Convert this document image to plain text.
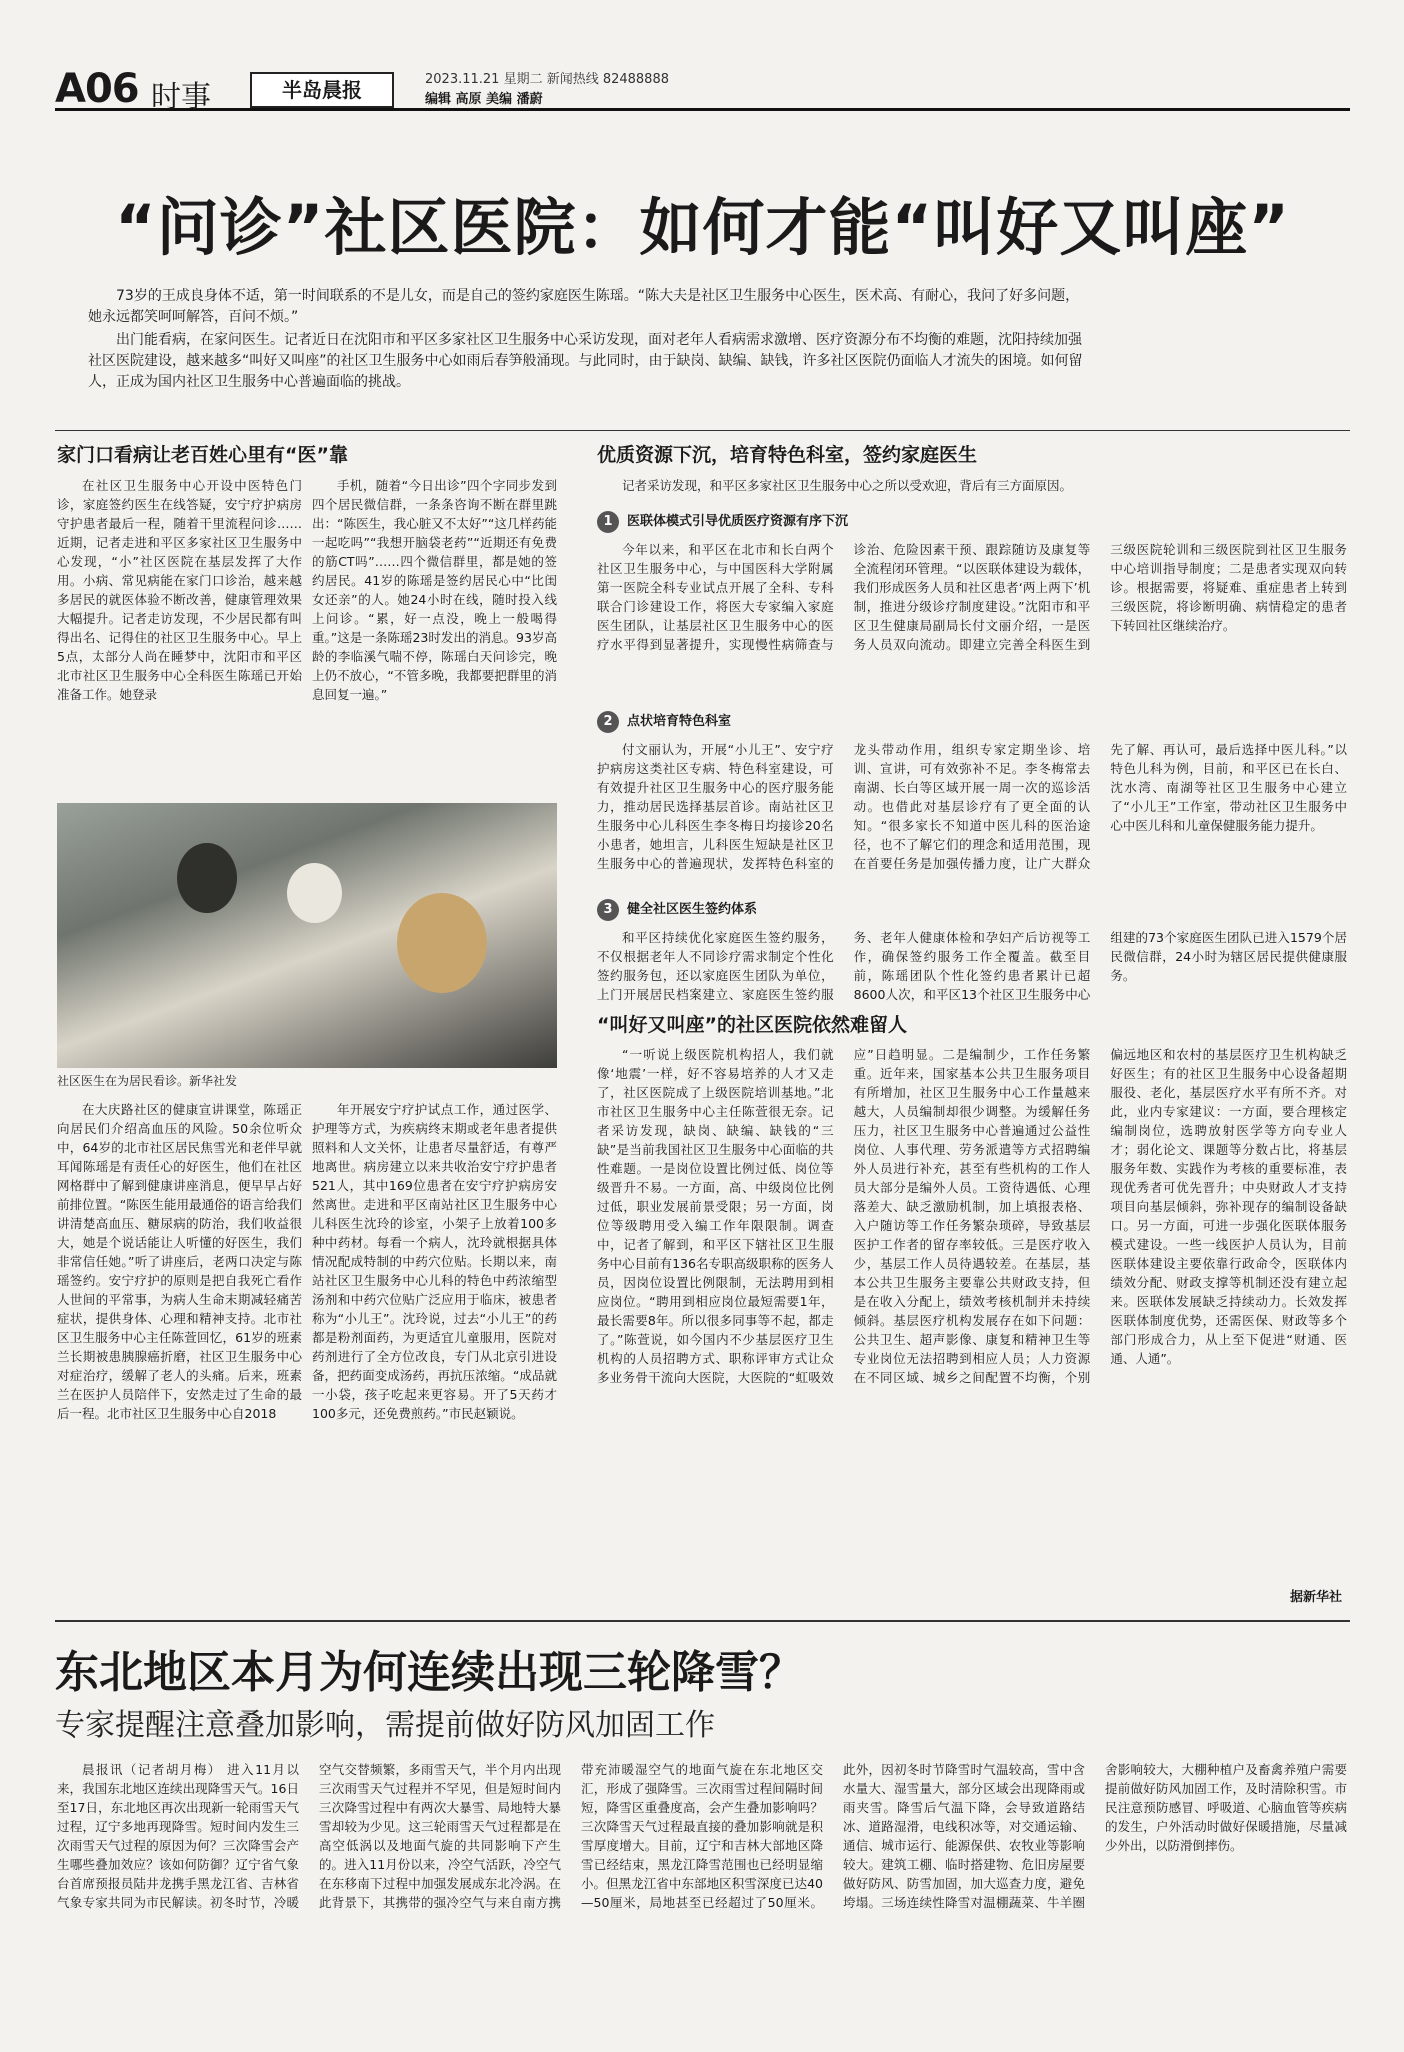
A06 时事	半岛晨报	2023.11.21 星期二 新闻热线 82488888
编辑 高原 美编 潘蔚
“问诊”社区医院：如何才能“叫好又叫座”

73岁的王成良身体不适，第一时间联系的不是儿女，而是自己的签约家庭医生陈瑶。“陈大夫是社区卫生服务中心医生，医术高、有耐心，我问了好多问题，她永远都笑呵呵解答，百问不烦。”

出门能看病，在家问医生。记者近日在沈阳市和平区多家社区卫生服务中心采访发现，面对老年人看病需求激增、医疗资源分布不均衡的难题，沈阳持续加强社区医院建设，越来越多“叫好又叫座”的社区卫生服务中心如雨后春笋般涌现。与此同时，由于缺岗、缺编、缺钱，许多社区医院仍面临人才流失的困境。如何留人，正成为国内社区卫生服务中心普遍面临的挑战。

家门口看病让老百姓心里有“医”靠

在社区卫生服务中心开设中医特色门诊，家庭签约医生在线答疑，安宁疗护病房守护患者最后一程，随着干里流程问诊……近期，记者走进和平区多家社区卫生服务中心发现，“小”社区医院在基层发挥了大作用。小病、常见病能在家门口诊治，越来越多居民的就医体验不断改善，健康管理效果大幅提升。记者走访发现，不少居民都有叫得出名、记得住的社区卫生服务中心。早上5点，太部分人尚在睡梦中，沈阳市和平区北市社区卫生服务中心全科医生陈瑶已开始准备工作。她登录

手机，随着“今日出诊”四个字同步发到四个居民微信群，一条条咨询不断在群里跳出：“陈医生，我心脏又不太好”“这几样药能一起吃吗”“我想开脑袋老药”“近期还有免费的筋CT吗”……四个微信群里，都是她的签约居民。41岁的陈瑶是签约居民心中“比闺女还亲”的人。她24小时在线，随时投入线上问诊。“累，好一点没，晚上一般喝得重。”这是一条陈瑶23时发出的消息。93岁高龄的李临溪气喘不停，陈瑶白天问诊完，晚上仍不放心，“不管多晚，我都要把群里的消息回复一遍。”

社区医生在为居民看诊。新华社发

在大庆路社区的健康宣讲课堂，陈瑶正向居民们介绍高血压的风险。50余位听众中，64岁的北市社区居民焦雪光和老伴早就耳闻陈瑶是有责任心的好医生，他们在社区网格群中了解到健康讲座消息，便早早占好前排位置。“陈医生能用最通俗的语言给我们讲清楚高血压、糖尿病的防治，我们收益很大，她是个说话能让人听懂的好医生，我们非常信任她。”听了讲座后，老两口决定与陈瑶签约。安宁疗护的原则是把自我死亡看作人世间的平常事，为病人生命末期减轻痛苦症状，提供身体、心理和精神支持。北市社区卫生服务中心主任陈萱回忆，61岁的班素兰长期被患胰腺癌折磨，社区卫生服务中心对症治疗，缓解了老人的头痛。后来，班素兰在医护人员陪伴下，安然走过了生命的最后一程。北市社区卫生服务中心自2018

年开展安宁疗护试点工作，通过医学、护理等方式，为疾病终末期或老年患者提供照料和人文关怀，让患者尽量舒适，有尊严地离世。病房建立以来共收治安宁疗护患者521人，其中169位患者在安宁疗护病房安然离世。走进和平区南站社区卫生服务中心儿科医生沈玲的诊室，小架子上放着100多种中药材。每看一个病人，沈玲就根据具体情况配成特制的中药穴位贴。长期以来，南站社区卫生服务中心儿科的特色中药浓缩型汤剂和中药穴位贴广泛应用于临床，被患者称为“小儿王”。沈玲说，过去“小儿王”的药都是粉剂面药，为更适宜儿童服用，医院对药剂进行了全方位改良，专门从北京引进设备，把药面变成汤药，再抗压浓缩。“成品就一小袋，孩子吃起来更容易。开了5天药才100多元，还免费煎药。”市民赵颖说。

优质资源下沉，培育特色科室，签约家庭医生

记者采访发现，和平区多家社区卫生服务中心之所以受欢迎，背后有三方面原因。

1 医联体模式引导优质医疗资源有序下沉

今年以来，和平区在北市和长白两个社区卫生服务中心，与中国医科大学附属第一医院全科专业试点开展了全科、专科联合门诊建设工作，将医大专家编入家庭医生团队，让基层社区卫生服务中心的医疗水平得到显著提升，实现慢性病筛查与诊治、危险因素干预、跟踪随访及康复等全流程闭环管理。“以医联体建设为载体，我们形成医务人员和社区患者‘两上两下’机制，推进分级诊疗制度建设。”沈阳市和平区卫生健康局副局长付文丽介绍，一是医务人员双向流动。即建立完善全科医生到三级医院轮训和三级医院到社区卫生服务中心培训指导制度；二是患者实现双向转诊。根据需要，将疑难、重症患者上转到三级医院，将诊断明确、病情稳定的患者下转回社区继续治疗。

2 点状培育特色科室

付文丽认为，开展“小儿王”、安宁疗护病房这类社区专病、特色科室建设，可有效提升社区卫生服务中心的医疗服务能力，推动居民选择基层首诊。南站社区卫生服务中心儿科医生李冬梅日均接诊20名小患者，她坦言，儿科医生短缺是社区卫生服务中心的普遍现状，发挥特色科室的龙头带动作用，组织专家定期坐诊、培训、宣讲，可有效弥补不足。李冬梅常去南湖、长白等区域开展一周一次的巡诊活动。也借此对基层诊疗有了更全面的认知。“很多家长不知道中医儿科的医治途径，也不了解它们的理念和适用范围，现在首要任务是加强传播力度，让广大群众先了解、再认可，最后选择中医儿科。”以特色儿科为例，目前，和平区已在长白、沈水湾、南湖等社区卫生服务中心建立了“小儿王”工作室，带动社区卫生服务中心中医儿科和儿童保健服务能力提升。

3 健全社区医生签约体系

和平区持续优化家庭医生签约服务，不仅根据老年人不同诊疗需求制定个性化签约服务包，还以家庭医生团队为单位，上门开展居民档案建立、家庭医生签约服务、老年人健康体检和孕妇产后访视等工作，确保签约服务工作全覆盖。截至目前，陈瑶团队个性化签约患者累计已超8600人次，和平区13个社区卫生服务中心组建的73个家庭医生团队已进入1579个居民微信群，24小时为辖区居民提供健康服务。

“叫好又叫座”的社区医院依然难留人

“一听说上级医院机构招人，我们就像‘地震’一样，好不容易培养的人才又走了，社区医院成了上级医院培训基地。”北市社区卫生服务中心主任陈萱很无奈。记者采访发现，缺岗、缺编、缺钱的“三缺”是当前我国社区卫生服务中心面临的共性难题。一是岗位设置比例过低、岗位等级晋升不易。一方面，高、中级岗位比例过低，职业发展前景受限；另一方面，岗位等级聘用受入编工作年限限制。调查中，记者了解到，和平区下辖社区卫生服务中心目前有136名专职高级职称的医务人员，因岗位设置比例限制，无法聘用到相应岗位。“聘用到相应岗位最短需要1年，最长需要8年。所以很多同事等不起，都走了。”陈萱说，如今国内不少基层医疗卫生机构的人员招聘方式、职称评审方式让众多业务骨干流向大医院，大医院的“虹吸效应”日趋明显。二是编制少，工作任务繁重。近年来，国家基本公共卫生服务项目有所增加，社区卫生服务中心工作量越来越大，人员编制却很少调整。为缓解任务压力，社区卫生服务中心普遍通过公益性岗位、人事代理、劳务派遣等方式招聘编外人员进行补充，甚至有些机构的工作人员大部分是编外人员。工资待遇低、心理落差大、缺乏激励机制，加上填报表格、入户随访等工作任务繁杂琐碎，导致基层医护工作者的留存率较低。三是医疗收入少，基层工作人员待遇较差。在基层，基本公共卫生服务主要靠公共财政支持，但是在收入分配上，绩效考核机制并未持续倾斜。基层医疗机构发展存在如下问题：公共卫生、超声影像、康复和精神卫生等专业岗位无法招聘到相应人员；人力资源在不同区域、城乡之间配置不均衡，个别偏远地区和农村的基层医疗卫生机构缺乏好医生；有的社区卫生服务中心设备超期服役、老化，基层医疗水平有所不齐。对此，业内专家建议：一方面，要合理核定编制岗位，选聘放射医学等方向专业人才；弱化论文、课题等分数占比，将基层服务年数、实践作为考核的重要标准，表现优秀者可优先晋升；中央财政人才支持项目向基层倾斜，弥补现存的编制设备缺口。另一方面，可进一步强化医联体服务模式建设。一些一线医护人员认为，目前医联体建设主要依靠行政命令，医联体内绩效分配、财政支撑等机制还没有建立起来。医联体发展缺乏持续动力。长效发挥医联体制度优势，还需医保、财政等多个部门形成合力，从上至下促进“财通、医通、人通”。

据新华社
东北地区本月为何连续出现三轮降雪？
专家提醒注意叠加影响，需提前做好防风加固工作

晨报讯（记者胡月梅） 进入11月以来，我国东北地区连续出现降雪天气。16日至17日，东北地区再次出现新一轮雨雪天气过程，辽宁多地再现降雪。短时间内发生三次雨雪天气过程的原因为何？三次降雪会产生哪些叠加效应？该如何防御？辽宁省气象台首席预报员陆井龙携手黑龙江省、吉林省气象专家共同为市民解读。初冬时节，冷暖空气交替频繁，多雨雪天气，半个月内出现三次雨雪天气过程并不罕见，但是短时间内三次降雪过程中有两次大暴雪、局地特大暴雪却较为少见。这三轮雨雪天气过程都是在高空低涡以及地面气旋的共同影响下产生的。进入11月份以来，冷空气活跃，冷空气在东移南下过程中加强发展成东北冷涡。在此背景下，其携带的强冷空气与来自南方携带充沛暖湿空气的地面气旋在东北地区交汇，形成了强降雪。三次雨雪过程间隔时间短，降雪区重叠度高，会产生叠加影响吗？三次降雪天气过程最直接的叠加影响就是积雪厚度增大。目前，辽宁和吉林大部地区降雪已经结束，黑龙江降雪范围也已经明显缩小。但黑龙江省中东部地区积雪深度已达40—50厘米，局地甚至已经超过了50厘米。此外，因初冬时节降雪时气温较高，雪中含水量大、湿雪量大，部分区域会出现降雨或雨夹雪。降雪后气温下降，会导致道路结冰、道路湿滑，电线积冰等，对交通运输、通信、城市运行、能源保供、农牧业等影响较大。建筑工棚、临时搭建物、危旧房屋要做好防风、防雪加固，加大巡查力度，避免垮塌。三场连续性降雪对温棚蔬菜、牛羊圈舍影响较大，大棚种植户及畜禽养殖户需要提前做好防风加固工作，及时清除积雪。市民注意预防感冒、呼吸道、心脑血管等疾病的发生，户外活动时做好保暖措施，尽量减少外出，以防滑倒摔伤。
